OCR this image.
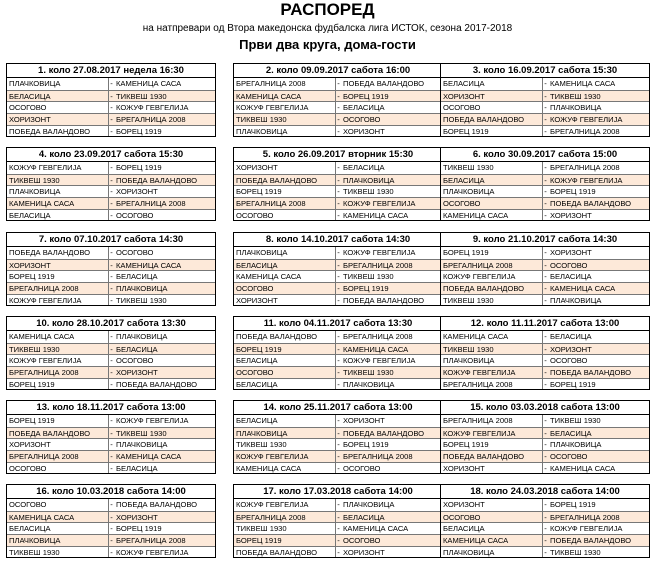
РАСПОРЕД
на натпревари од Втора македонска фудбалска лига ИСТОК, сезона 2017-2018
Први два круга, дома-гости
1. коло 27.08.2017 недела 16:30
ПЛАЧКОВИЦА	- КАМЕНИЦА САСА
БЕЛАСИЦА	- ТИКВЕШ 1930
ОСОГОВО	- КОЖУФ ГЕВГЕЛИЈА
ХОРИЗОНТ	- БРЕГАЛНИЦА 2008
ПОБЕДА ВАЛАНДОВО	- БОРЕЦ 1919
2. коло 09.09.2017 сабота 16:00
БРЕГАЛНИЦА 2008	- ПОБЕДА ВАЛАНДОВО
КАМЕНИЦА САСА	- БОРЕЦ 1919
КОЖУФ ГЕВГЕЛИЈА	- БЕЛАСИЦА
ТИКВЕШ 1930	- ОСОГОВО
ПЛАЧКОВИЦА	- ХОРИЗОНТ
3. коло 16.09.2017 сабота 15:30
БЕЛАСИЦА	- КАМЕНИЦА САСА
ХОРИЗОНТ	- ТИКВЕШ 1930
ОСОГОВО	- ПЛАЧКОВИЦА
ПОБЕДА ВАЛАНДОВО	- КОЖУФ ГЕВГЕЛИЈА
БОРЕЦ 1919	- БРЕГАЛНИЦА 2008
4. коло 23.09.2017 сабота 15:30
КОЖУФ ГЕВГЕЛИЈА	- БОРЕЦ 1919
ТИКВЕШ 1930	- ПОБЕДА ВАЛАНДОВО
ПЛАЧКОВИЦА	- ХОРИЗОНТ
КАМЕНИЦА САСА	- БРЕГАЛНИЦА 2008
БЕЛАСИЦА	- ОСОГОВО
5. коло 26.09.2017 вторник 15:30
ХОРИЗОНТ	- БЕЛАСИЦА
ПОБЕДА ВАЛАНДОВО	- ПЛАЧКОВИЦА
БОРЕЦ 1919	- ТИКВЕШ 1930
БРЕГАЛНИЦА 2008	- КОЖУФ ГЕВГЕЛИЈА
ОСОГОВО	- КАМЕНИЦА САСА
6. коло 30.09.2017 сабота 15:00
ТИКВЕШ 1930	- БРЕГАЛНИЦА 2008
БЕЛАСИЦА	- КОЖУФ ГЕВГЕЛИЈА
ПЛАЧКОВИЦА	- БОРЕЦ 1919
ОСОГОВО	- ПОБЕДА ВАЛАНДОВО
КАМЕНИЦА САСА	- ХОРИЗОНТ
7. коло 07.10.2017 сабота 14:30
ПОБЕДА ВАЛАНДОВО	- ОСОГОВО
ХОРИЗОНТ	- КАМЕНИЦА САСА
БОРЕЦ 1919	- БЕЛАСИЦА
БРЕГАЛНИЦА 2008	- ПЛАЧКОВИЦА
КОЖУФ ГЕВГЕЛИЈА	- ТИКВЕШ 1930
8. коло 14.10.2017 сабота 14:30
ПЛАЧКОВИЦА	- КОЖУФ ГЕВГЕЛИЈА
БЕЛАСИЦА	- БРЕГАЛНИЦА 2008
КАМЕНИЦА САСА	- ТИКВЕШ 1930
ОСОГОВО	- БОРЕЦ 1919
ХОРИЗОНТ	- ПОБЕДА ВАЛАНДОВО
9. коло 21.10.2017 сабота 14:30
БОРЕЦ 1919	- ХОРИЗОНТ
БРЕГАЛНИЦА 2008	- ОСОГОВО
КОЖУФ ГЕВГЕЛИЈА	- БЕЛАСИЦА
ПОБЕДА ВАЛАНДОВО	- КАМЕНИЦА САСА
ТИКВЕШ 1930	- ПЛАЧКОВИЦА
10. коло 28.10.2017 сабота 13:30
КАМЕНИЦА САСА	- ПЛАЧКОВИЦА
ТИКВЕШ 1930	- БЕЛАСИЦА
КОЖУФ ГЕВГЕЛИЈА	- ОСОГОВО
БРЕГАЛНИЦА 2008	- ХОРИЗОНТ
БОРЕЦ 1919	- ПОБЕДА ВАЛАНДОВО
11. коло 04.11.2017 сабота 13:30
ПОБЕДА ВАЛАНДОВО	- БРЕГАЛНИЦА 2008
БОРЕЦ 1919	- КАМЕНИЦА САСА
БЕЛАСИЦА	- КОЖУФ ГЕВГЕЛИЈА
ОСОГОВО	- ТИКВЕШ 1930
БЕЛАСИЦА	- ПЛАЧКОВИЦА
12. коло 11.11.2017 сабота 13:00
КАМЕНИЦА САСА	- БЕЛАСИЦА
ТИКВЕШ 1930	- ХОРИЗОНТ
ПЛАЧКОВИЦА	- ОСОГОВО
КОЖУФ ГЕВГЕЛИЈА	- ПОБЕДА ВАЛАНДОВО
БРЕГАЛНИЦА 2008	- БОРЕЦ 1919
13. коло 18.11.2017 сабота 13:00
БОРЕЦ 1919	- КОЖУФ ГЕВГЕЛИЈА
ПОБЕДА ВАЛАНДОВО	- ТИКВЕШ 1930
ХОРИЗОНТ	- ПЛАЧКОВИЦА
БРЕГАЛНИЦА 2008	- КАМЕНИЦА САСА
ОСОГОВО	- БЕЛАСИЦА
14. коло 25.11.2017 сабота 13:00
БЕЛАСИЦА	- ХОРИЗОНТ
ПЛАЧКОВИЦА	- ПОБЕДА ВАЛАНДОВО
ТИКВЕШ 1930	- БОРЕЦ 1919
КОЖУФ ГЕВГЕЛИЈА	- БРЕГАЛНИЦА 2008
КАМЕНИЦА САСА	- ОСОГОВО
15. коло 03.03.2018 сабота 13:00
БРЕГАЛНИЦА 2008	- ТИКВЕШ 1930
КОЖУФ ГЕВГЕЛИЈА	- БЕЛАСИЦА
БОРЕЦ 1919	- ПЛАЧКОВИЦА
ПОБЕДА ВАЛАНДОВО	- ОСОГОВО
ХОРИЗОНТ	- КАМЕНИЦА САСА
16. коло 10.03.2018 сабота 14:00
ОСОГОВО	- ПОБЕДА ВАЛАНДОВО
КАМЕНИЦА САСА	- ХОРИЗОНТ
БЕЛАСИЦА	- БОРЕЦ 1919
ПЛАЧКОВИЦА	- БРЕГАЛНИЦА 2008
ТИКВЕШ 1930	- КОЖУФ ГЕВГЕЛИЈА
17. коло 17.03.2018 сабота 14:00
КОЖУФ ГЕВГЕЛИЈА	- ПЛАЧКОВИЦА
БРЕГАЛНИЦА 2008	- БЕЛАСИЦА
ТИКВЕШ 1930	- КАМЕНИЦА САСА
БОРЕЦ 1919	- ОСОГОВО
ПОБЕДА ВАЛАНДОВО	- ХОРИЗОНТ
18. коло 24.03.2018 сабота 14:00
ХОРИЗОНТ	- БОРЕЦ 1919
ОСОГОВО	- БРЕГАЛНИЦА 2008
БЕЛАСИЦА	- КОЖУФ ГЕВГЕЛИЈА
КАМЕНИЦА САСА	- ПОБЕДА ВАЛАНДОВО
ПЛАЧКОВИЦА	- ТИКВЕШ 1930
